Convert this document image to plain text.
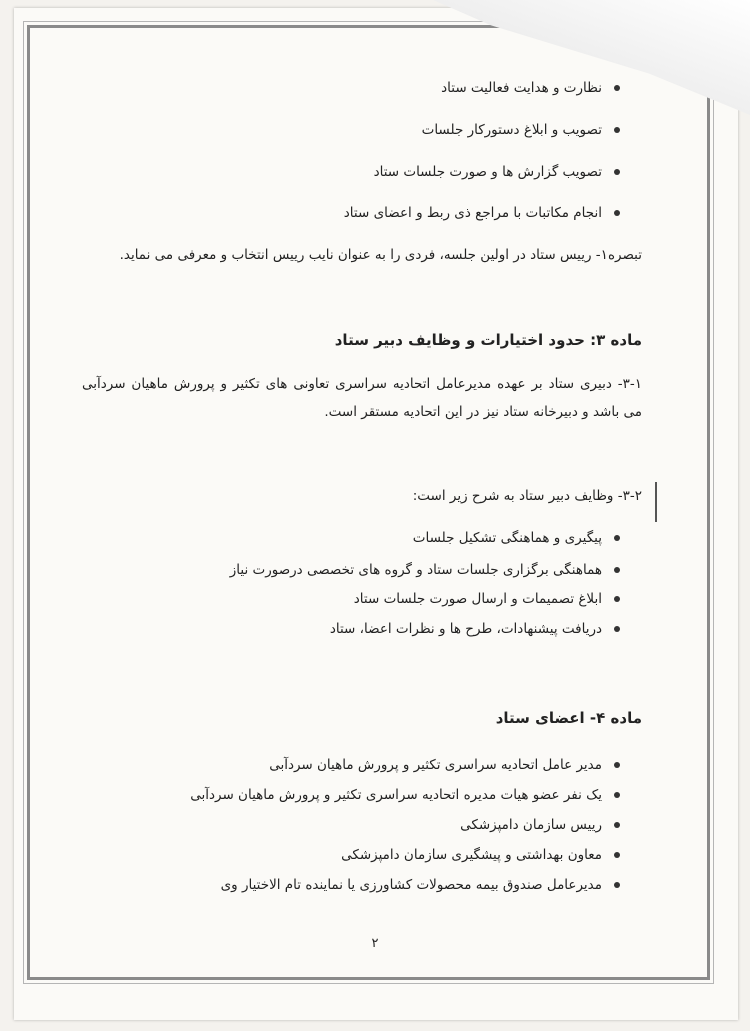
نظارت و هدایت فعالیت ستاد
تصویب و ابلاغ دستورکار جلسات
تصویب گزارش ها و صورت جلسات ستاد
انجام مکاتبات با مراجع ذی ربط و اعضای ستاد
تبصره۱- ریيس ستاد در اولین جلسه، فردی را به عنوان نایب رییس انتخاب و معرفی می نماید.
ماده ۳: حدود اختیارات و وظایف دبیر ستاد
۳-۱- دبیری ستاد بر عهده مدیرعامل اتحادیه سراسری تعاونی های تکثیر و پرورش ماهیان سردآبی می باشد و دبیرخانه ستاد نیز در این اتحادیه مستقر است.
۳-۲- وظایف دبیر ستاد به شرح زیر است:
پیگیری و هماهنگی تشکیل جلسات
هماهنگی برگزاری جلسات ستاد و گروه های تخصصی درصورت نیاز
ابلاغ تصمیمات و ارسال صورت جلسات ستاد
دریافت پیشنهادات، طرح ها و نظرات اعضا، ستاد
ماده ۴- اعضای ستاد
مدیر عامل اتحادیه سراسری تکثیر و پرورش ماهیان سردآبی
یک نفر عضو هیات مدیره اتحادیه سراسری تکثیر و پرورش ماهیان سردآبی
رییس سازمان دامپزشکی
معاون بهداشتی و پیشگیری سازمان دامپزشکی
مدیرعامل صندوق بیمه محصولات کشاورزی یا نماینده تام الاختیار وی
۲
